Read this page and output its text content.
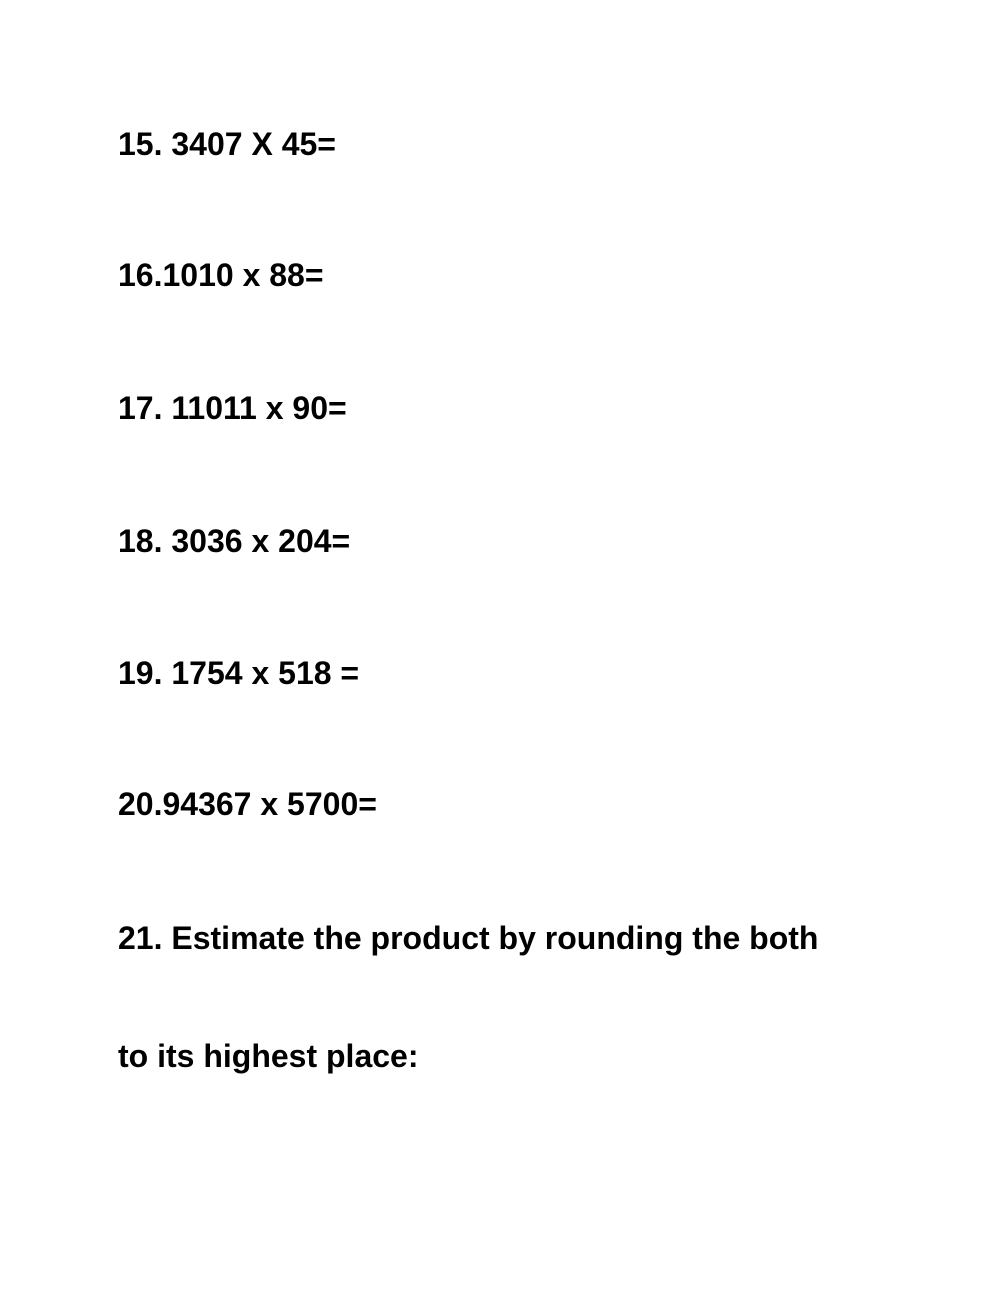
15. 3407 X 45=
16.1010 x 88=
17. 11011 x 90=
18. 3036 x 204=
19. 1754 x 518 =
20.94367 x 5700=
21. Estimate the product by rounding the both
to its highest place:
